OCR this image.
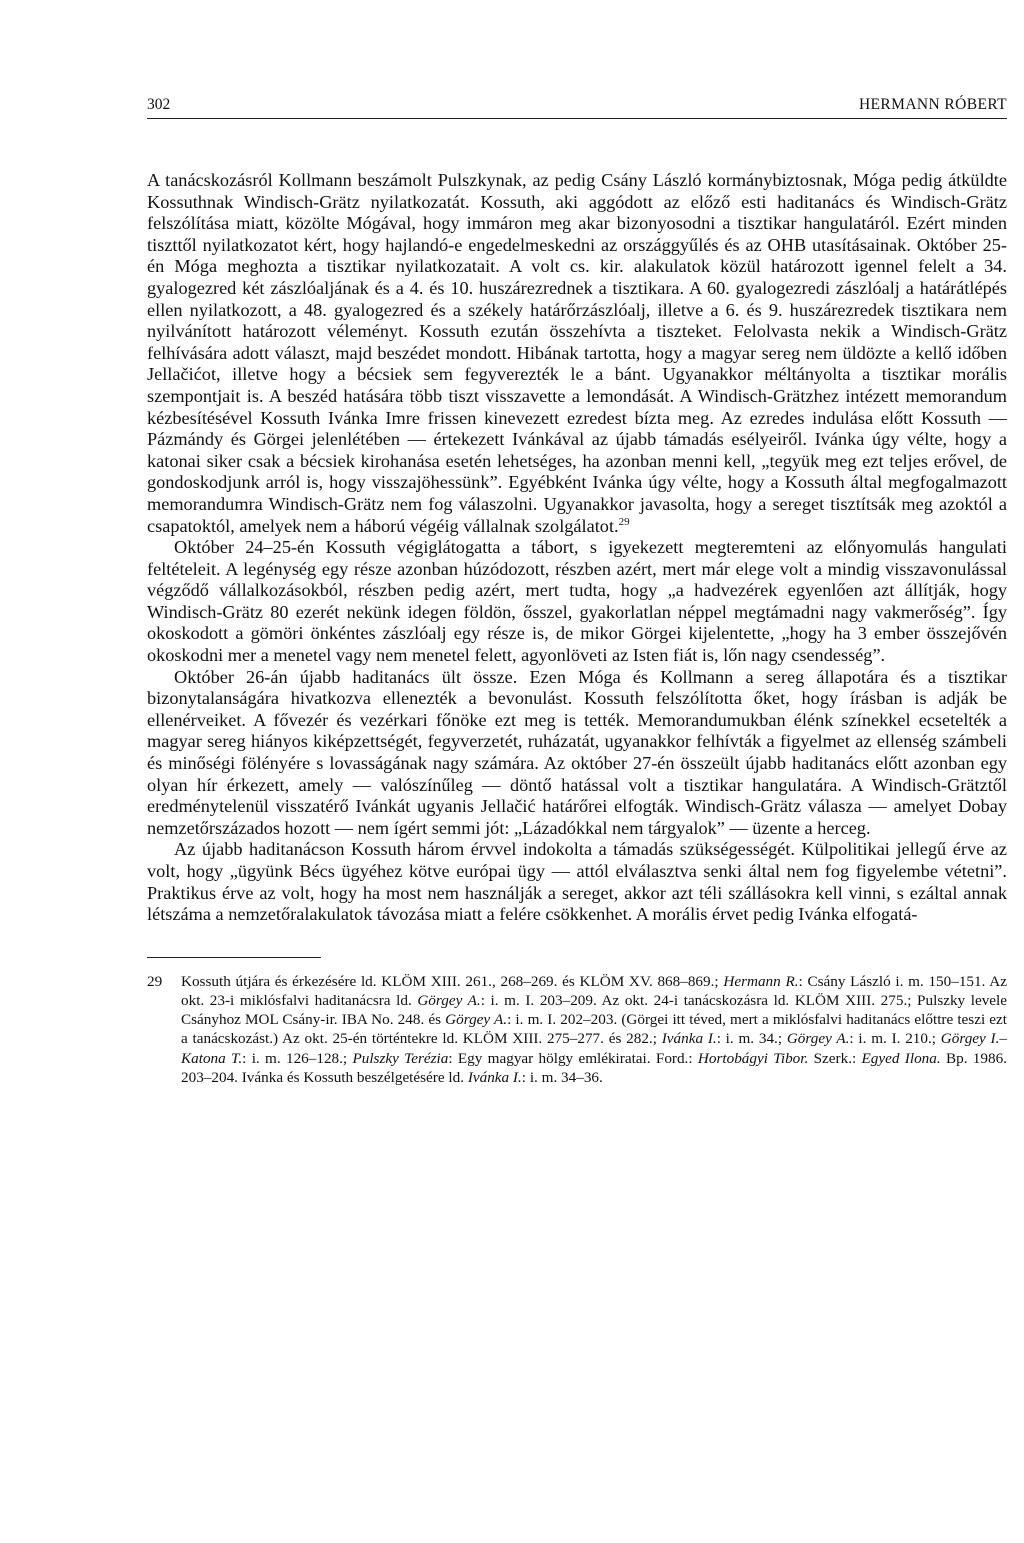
302	HERMANN RÓBERT

A tanácskozásról Kollmann beszámolt Pulszkynak, az pedig Csány László kormánybiztosnak, Móga pedig átküldte Kossuthnak Windisch-Grätz nyilatkozatát. Kossuth, aki aggódott az előző esti haditanács és Windisch-Grätz felszólítása miatt, közölte Mógával, hogy immáron meg akar bizonyosodni a tisztikar hangulatáról. Ezért minden tiszttől nyilatkozatot kért, hogy hajlandó-e engedelmeskedni az országgyűlés és az OHB utasításainak. Október 25-én Móga meghozta a tisztikar nyilatkozatait. A volt cs. kir. alakulatok közül határozott igennel felelt a 34. gyalogezred két zászlóaljának és a 4. és 10. huszárezrednek a tisztikara. A 60. gyalogezredi zászlóalj a határátlépés ellen nyilatkozott, a 48. gyalogezred és a székely határőrzászlóalj, illetve a 6. és 9. huszárezredek tisztikara nem nyilvánított határozott véleményt. Kossuth ezután összehívta a tiszteket. Felolvasta nekik a Windisch-Grätz felhívására adott választ, majd beszédet mondott. Hibának tartotta, hogy a magyar sereg nem üldözte a kellő időben Jellačićot, illetve hogy a bécsiek sem fegyverezték le a bánt. Ugyanakkor méltányolta a tisztikar morális szempontjait is. A beszéd hatására több tiszt visszavette a lemondását. A Windisch-Grätzhez intézett memorandum kézbesítésével Kossuth Ivánka Imre frissen kinevezett ezredest bízta meg. Az ezredes indulása előtt Kossuth — Pázmándy és Görgei jelenlétében — értekezett Ivánkával az újabb támadás esélyeiről. Ivánka úgy vélte, hogy a katonai siker csak a bécsiek kirohanása esetén lehetséges, ha azonban menni kell, „tegyük meg ezt teljes erővel, de gondoskodjunk arról is, hogy visszajöhessünk”. Egyébként Ivánka úgy vélte, hogy a Kossuth által megfogalmazott memorandumra Windisch-Grätz nem fog válaszolni. Ugyanakkor javasolta, hogy a sereget tisztítsák meg azoktól a csapatoktól, amelyek nem a háború végéig vállalnak szolgálatot.$^{29}$

Október 24–25-én Kossuth végiglátogatta a tábort, s igyekezett megteremteni az előnyomulás hangulati feltételeit. A legénység egy része azonban húzódozott, részben azért, mert már elege volt a mindig visszavonulással végződő vállalkozásokból, részben pedig azért, mert tudta, hogy „a hadvezérek egyenlően azt állítják, hogy Windisch-Grätz 80 ezerét nekünk idegen földön, ősszel, gyakorlatlan néppel megtámadni nagy vakmerőség”. Így okoskodott a gömöri önkéntes zászlóalj egy része is, de mikor Görgei kijelentette, „hogy ha 3 ember összejővén okoskodni mer a menetel vagy nem menetel felett, agyonlöveti az Isten fiát is, lőn nagy csendesség”.

Október 26-án újabb haditanács ült össze. Ezen Móga és Kollmann a sereg állapotára és a tisztikar bizonytalanságára hivatkozva ellenezték a bevonulást. Kossuth felszólította őket, hogy írásban is adják be ellenérveiket. A fővezér és vezérkari főnöke ezt meg is tették. Memorandumukban élénk színekkel ecsetelték a magyar sereg hiányos kiképzettségét, fegyverzetét, ruházatát, ugyanakkor felhívták a figyelmet az ellenség számbeli és minőségi fölényére s lovasságának nagy számára. Az október 27-én összeült újabb haditanács előtt azonban egy olyan hír érkezett, amely — valószínűleg — döntő hatással volt a tisztikar hangulatára. A Windisch-Grätztől eredménytelenül visszatérő Ivánkát ugyanis Jellačić határőrei elfogták. Windisch-Grätz válasza — amelyet Dobay nemzetőrszázados hozott — nem ígért semmi jót: „Lázadókkal nem tárgyalok” — üzente a herceg.

Az újabb haditanácson Kossuth három érvvel indokolta a támadás szükségességét. Külpolitikai jellegű érve az volt, hogy „ügyünk Bécs ügyéhez kötve európai ügy — attól elválasztva senki által nem fog figyelembe vétetni”. Praktikus érve az volt, hogy ha most nem használják a sereget, akkor azt téli szállásokra kell vinni, s ezáltal annak létszáma a nemzetőralakulatok távozása miatt a felére csökkenhet. A morális érvet pedig Ivánka elfogatá-

29	Kossuth útjára és érkezésére ld. KLÖM XIII. 261., 268–269. és KLÖM XV. 868–869.; Hermann R.: Csány László i. m. 150–151. Az okt. 23-i miklósfalvi haditanácsra ld. Görgey A.: i. m. I. 203–209. Az okt. 24-i tanácskozásra ld. KLÖM XIII. 275.; Pulszky levele Csányhoz MOL Csány-ir. IBA No. 248. és Görgey A.: i. m. I. 202–203. (Görgei itt téved, mert a miklósfalvi haditanács előttre teszi ezt a tanácskozást.) Az okt. 25-én történtekre ld. KLÖM XIII. 275–277. és 282.; Ivánka I.: i. m. 34.; Görgey A.: i. m. I. 210.; Görgey I.–Katona T.: i. m. 126–128.; Pulszky Terézia: Egy magyar hölgy emlékiratai. Ford.: Hortobágyi Tibor. Szerk.: Egyed Ilona. Bp. 1986. 203–204. Ivánka és Kossuth beszélgetésére ld. Ivánka I.: i. m. 34–36.
